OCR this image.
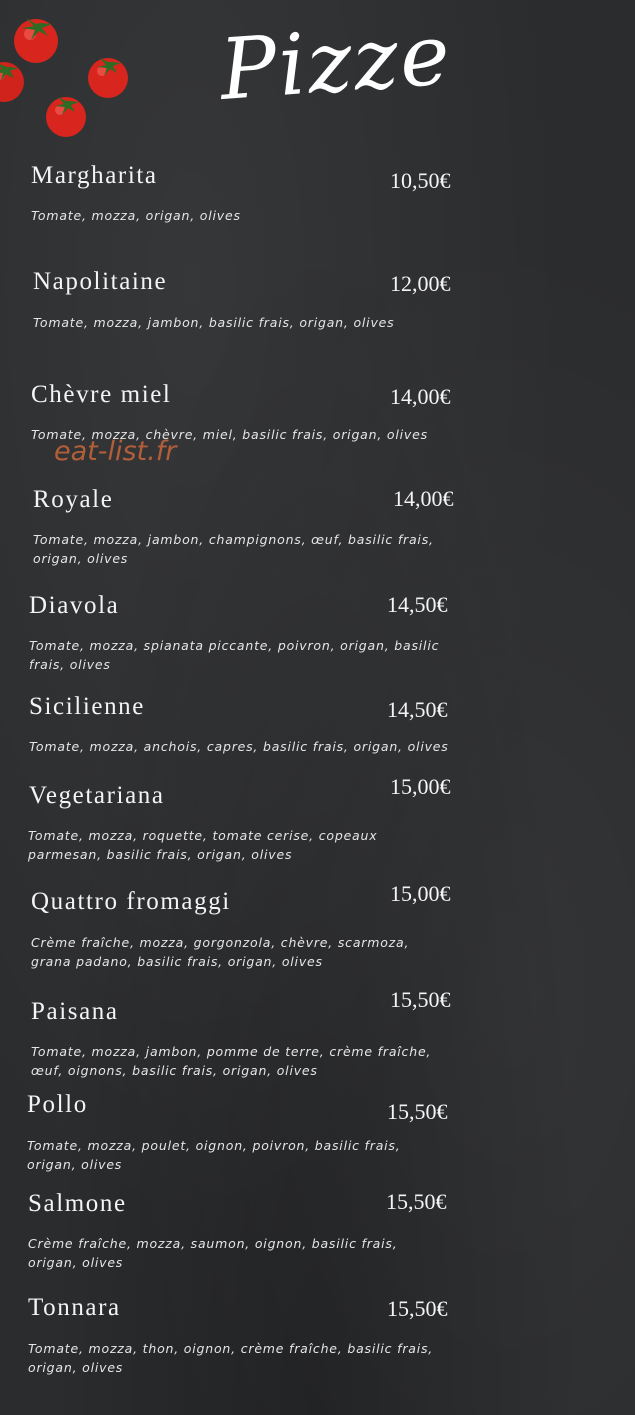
Pizze
eat-list.fr
Margharita	10,50€
Tomate, mozza, origan, olives
Napolitaine	12,00€
Tomate, mozza, jambon, basilic frais, origan, olives
Chèvre miel	14,00€
Tomate, mozza, chèvre, miel, basilic frais, origan, olives
Royale	14,00€
Tomate, mozza, jambon, champignons, œuf, basilic frais, origan, olives
Diavola	14,50€
Tomate, mozza, spianata piccante, poivron, origan, basilic frais, olives
Sicilienne	14,50€
Tomate, mozza, anchois, capres, basilic frais, origan, olives
Vegetariana	15,00€
Tomate, mozza, roquette, tomate cerise, copeaux parmesan, basilic frais, origan, olives
Quattro fromaggi	15,00€
Crème fraîche, mozza, gorgonzola, chèvre, scarmoza, grana padano, basilic frais, origan, olives
Paisana	15,50€
Tomate, mozza, jambon, pomme de terre, crème fraîche, œuf, oignons, basilic frais, origan, olives
Pollo	15,50€
Tomate, mozza, poulet, oignon, poivron, basilic frais, origan, olives
Salmone	15,50€
Crème fraîche, mozza, saumon, oignon, basilic frais, origan, olives
Tonnara	15,50€
Tomate, mozza, thon, oignon, crème fraîche, basilic frais, origan, olives
